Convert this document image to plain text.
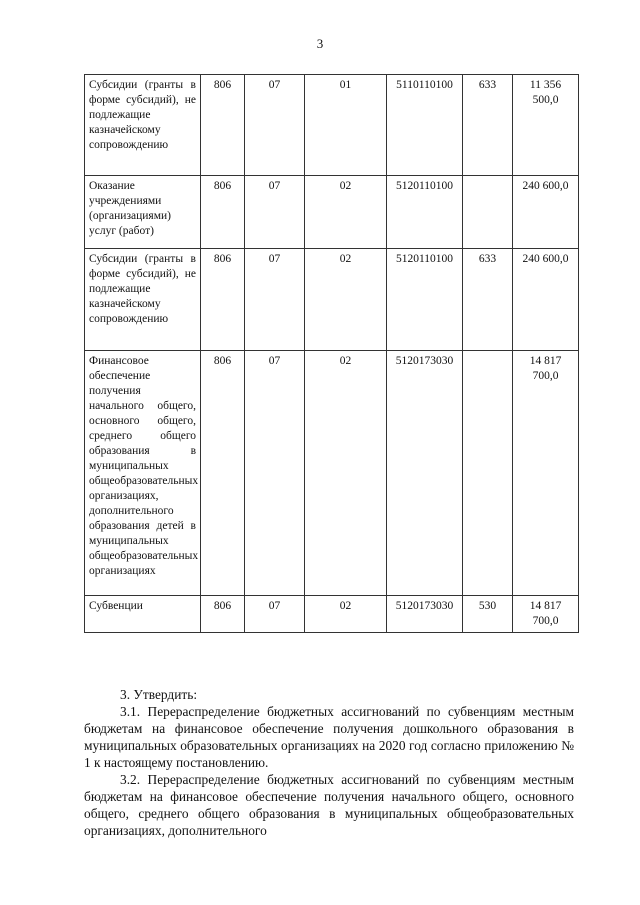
3
Субсидии (гранты в форме субсидий), не подлежащие казначейскому сопровождению	806	07	01	5110110100	633	11 356 500,0
Оказание учреждениями (организациями) услуг (работ)	806	07	02	5120110100		240 600,0
Субсидии (гранты в форме субсидий), не подлежащие казначейскому сопровождению	806	07	02	5120110100	633	240 600,0
Финансовое обеспечение получения начального общего, основного общего, среднего общего образования в муниципальных общеобразовательных организациях, дополнительного образования детей в муниципальных общеобразовательных организациях	806	07	02	5120173030		14 817 700,0
Субвенции	806	07	02	5120173030	530	14 817 700,0

3. Утвердить:

3.1. Перераспределение бюджетных ассигнований по субвенциям местным бюджетам на финансовое обеспечение получения дошкольного образования в муниципальных образовательных организациях на 2020 год согласно приложению № 1 к настоящему постановлению.

3.2. Перераспределение бюджетных ассигнований по субвенциям местным бюджетам на финансовое обеспечение получения начального общего, основного общего, среднего общего образования в муниципальных общеобразовательных организациях, дополнительного
